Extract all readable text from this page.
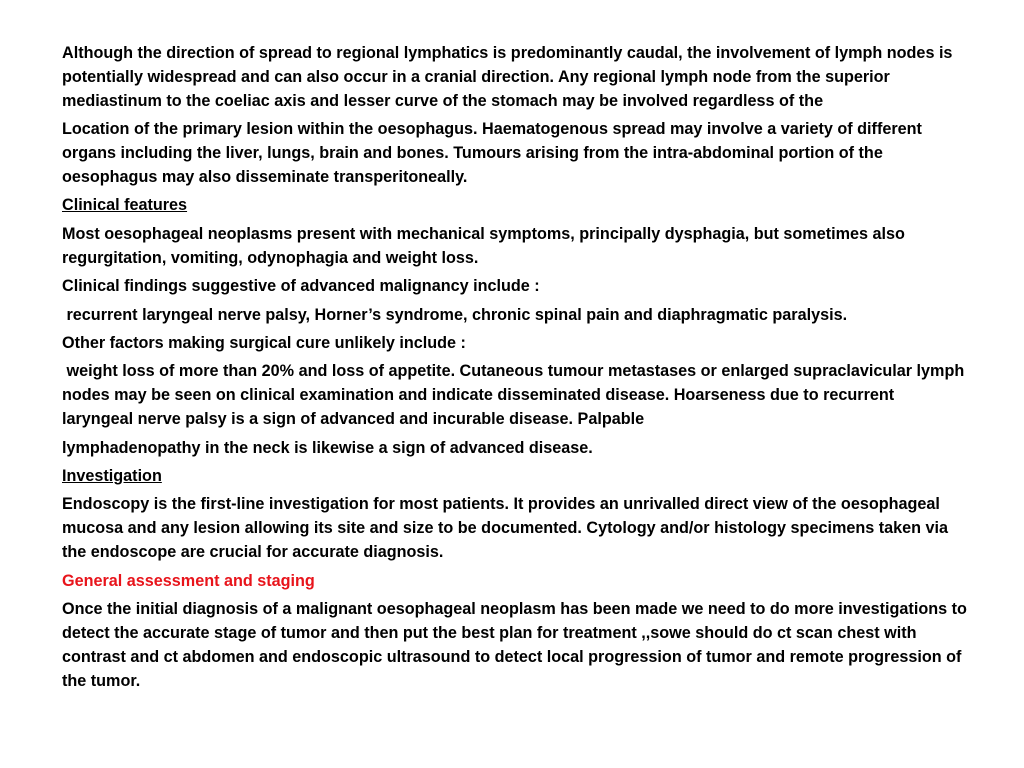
Although the direction of spread to regional lymphatics is predominantly caudal, the involvement of lymph nodes is potentially widespread and can also occur in a cranial direction. Any regional lymph node from the superior mediastinum to the coeliac axis and lesser curve of the stomach may be involved regardless of the

Location of the primary lesion within the oesophagus. Haematogenous spread may involve a variety of different organs including the liver, lungs, brain and bones. Tumours arising from the intra-abdominal portion of the oesophagus may also disseminate transperitoneally.

Clinical features

Most oesophageal neoplasms present with mechanical symptoms, principally dysphagia, but sometimes also regurgitation, vomiting, odynophagia and weight loss.

Clinical findings suggestive of advanced malignancy include :

recurrent laryngeal nerve palsy, Horner’s syndrome, chronic spinal pain and diaphragmatic paralysis.

Other factors making surgical cure unlikely include :

weight loss of more than 20% and loss of appetite. Cutaneous tumour metastases or enlarged supraclavicular lymph nodes may be seen on clinical examination and indicate disseminated disease. Hoarseness due to recurrent laryngeal nerve palsy is a sign of advanced and incurable disease. Palpable

lymphadenopathy in the neck is likewise a sign of advanced disease.

Investigation

Endoscopy is the first-line investigation for most patients. It provides an unrivalled direct view of the oesophageal mucosa and any lesion allowing its site and size to be documented. Cytology and/or histology specimens taken via the endoscope are crucial for accurate diagnosis.

General assessment and staging

Once the initial diagnosis of a malignant oesophageal neoplasm has been made we need to do more investigations to detect the accurate stage of tumor and then put the best plan for treatment ,,sowe should do ct scan chest with contrast and ct abdomen and endoscopic ultrasound to detect local progression of tumor and remote progression of the tumor.
